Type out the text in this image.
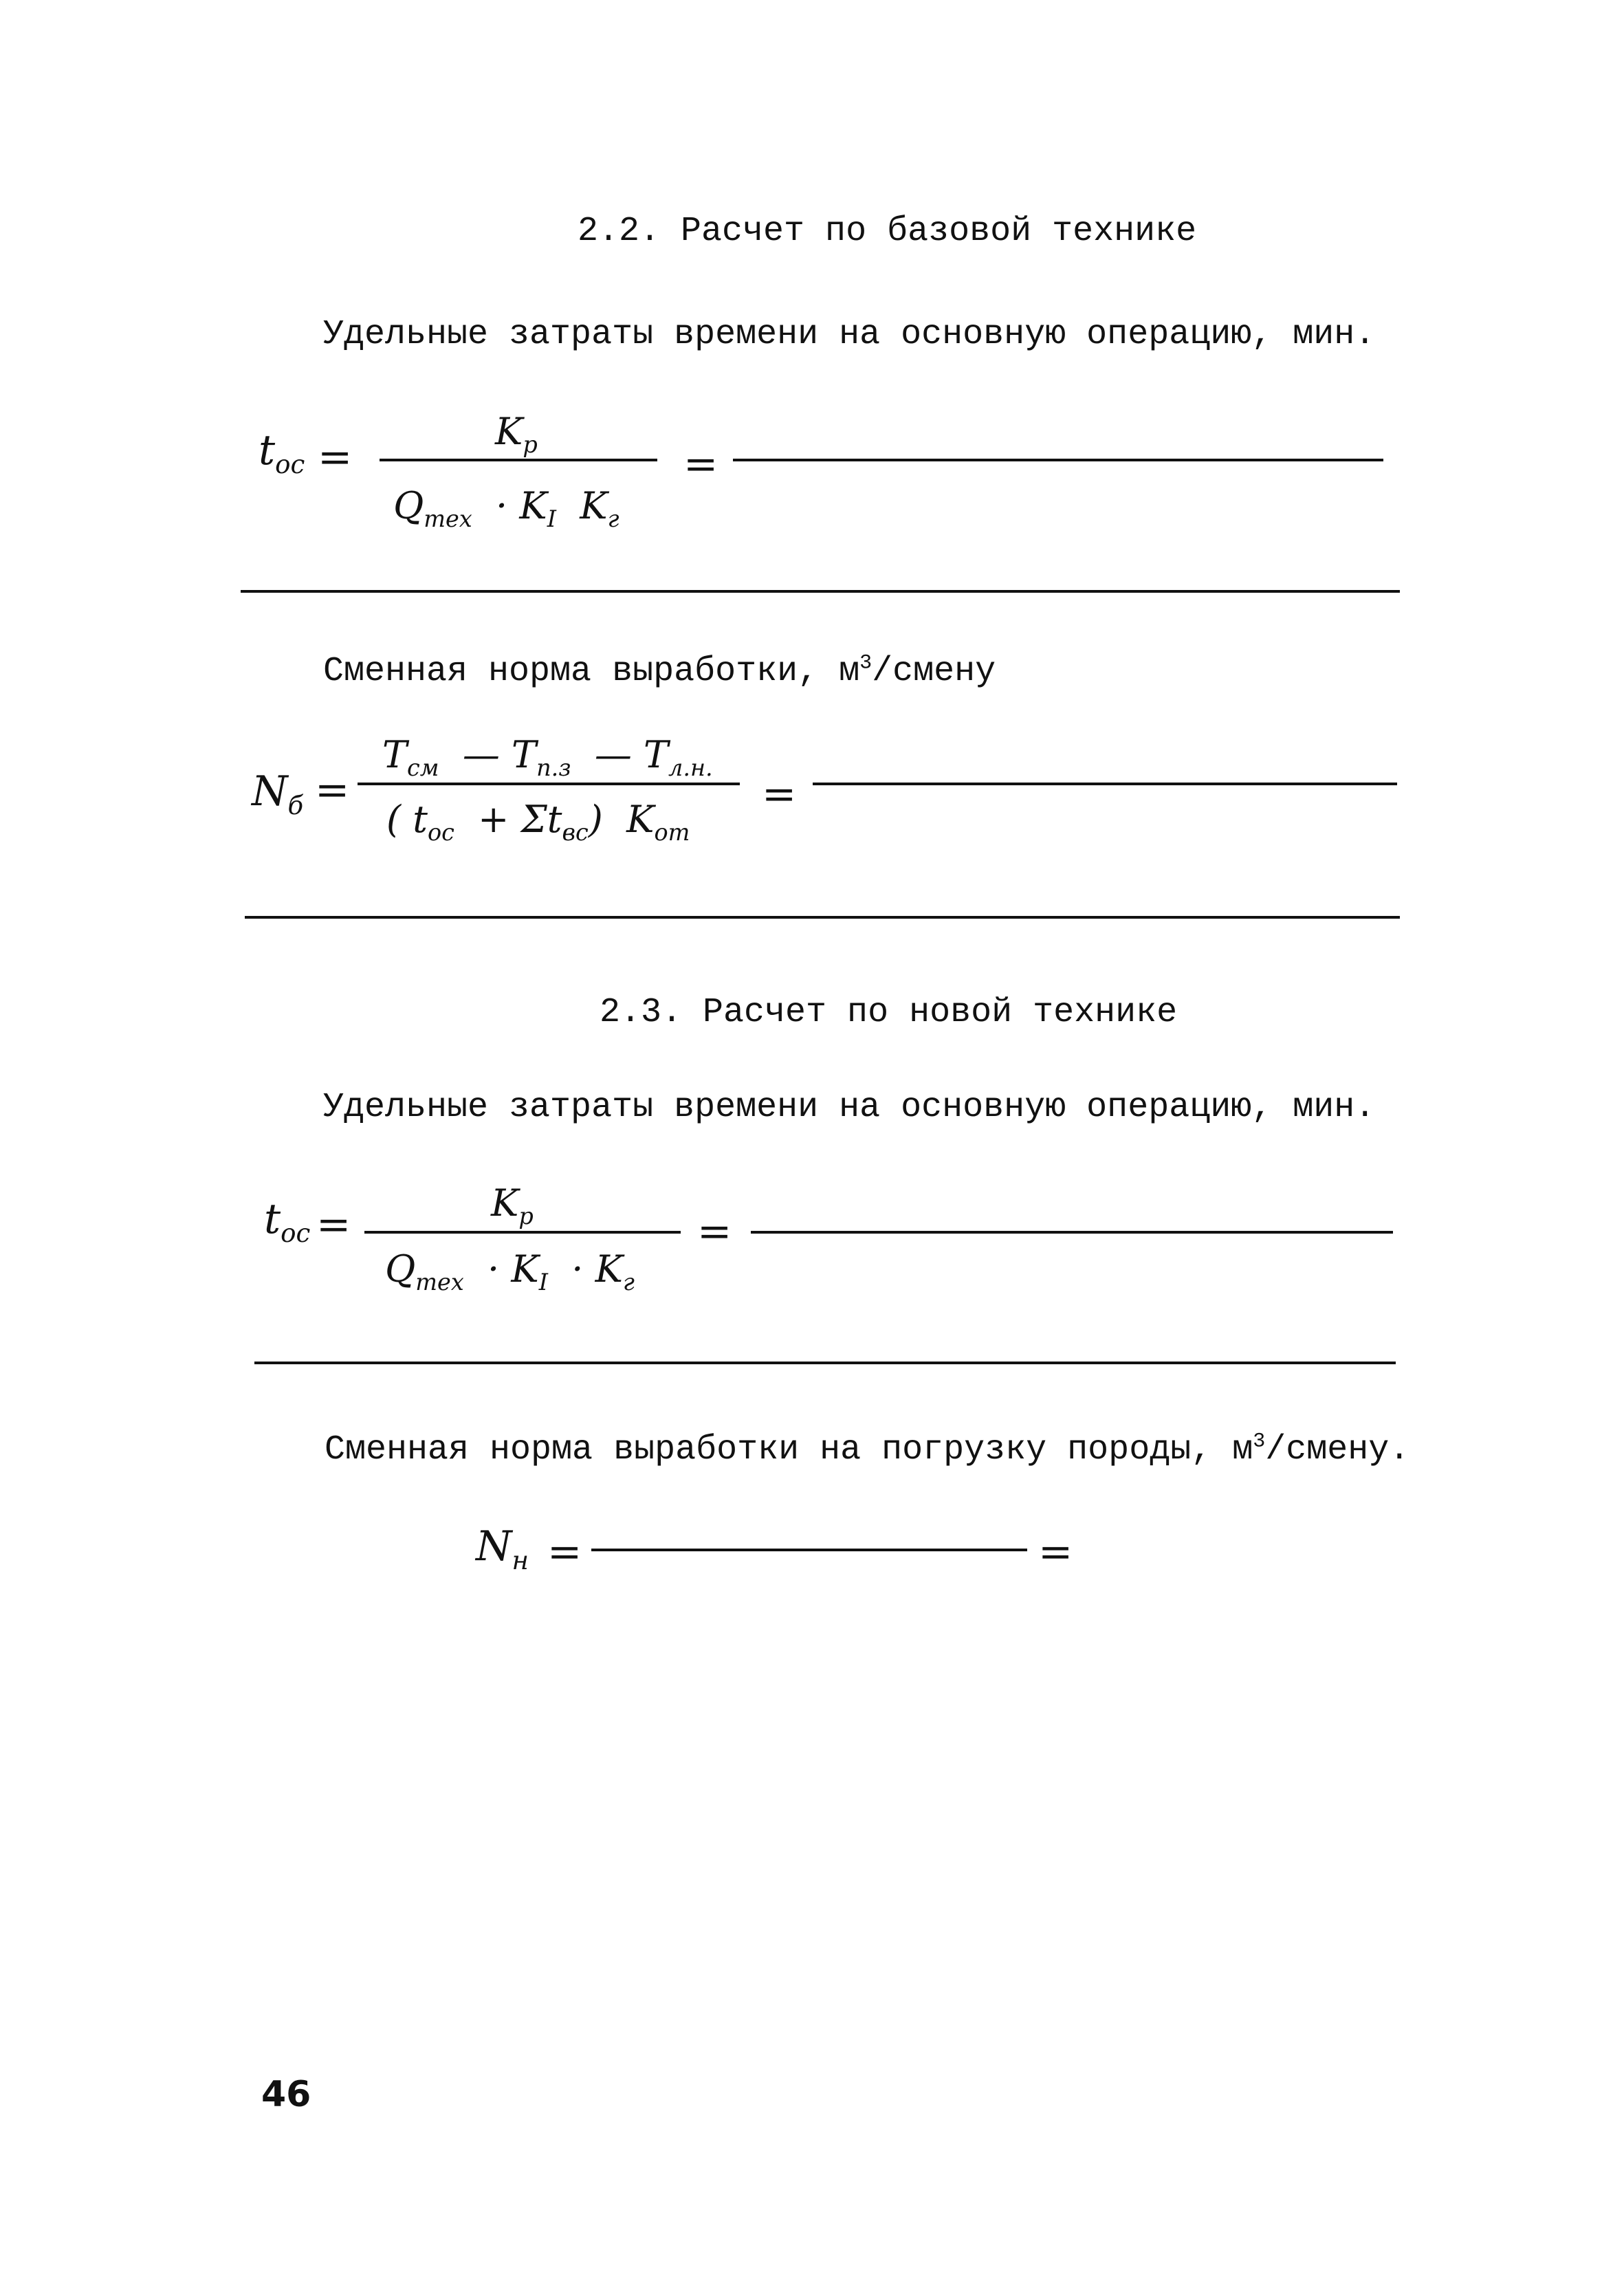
2.2. Расчет по базовой технике
Удельные затраты времени на основную операцию, мин.
$t_{ос}$ =
$K_р$
$Q_{тех} \cdot K_I$ $K_г$
=
Сменная норма выработки, $м^3$/смену
$N_б$ =
$T_{см}$  — $T_{п.з}$  — $T_{л.н.}$
( $t_{ос} + \Sigma t_{вс}$)  $K_{от}$
=
2.3. Расчет по новой технике
Удельные затраты времени на основную операцию, мин.
$t_{ос}$ =	$K_р$
$Q_{тех} \cdot K_I \cdot K_г$
=
Сменная норма выработки на погрузку породы, $м^3$/смену.
$N_н$ =	=
46
